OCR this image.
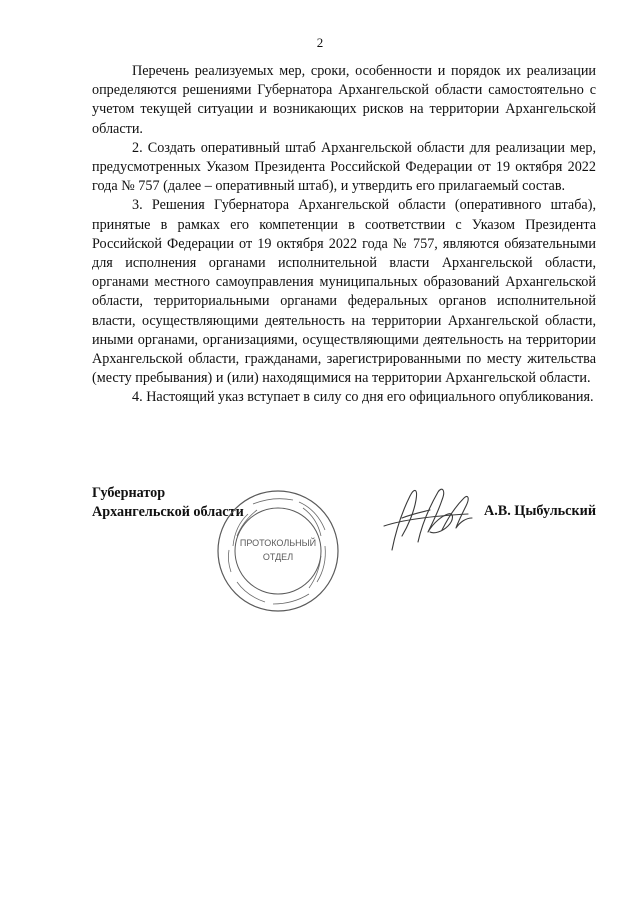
2

Перечень реализуемых мер, сроки, особенности и порядок их реализации определяются решениями Губернатора Архангельской области самостоятельно с учетом текущей ситуации и возникающих рисков на территории Архангельской области.

2. Создать оперативный штаб Архангельской области для реализации мер, предусмотренных Указом Президента Российской Федерации от 19 октября 2022 года № 757 (далее – оперативный штаб), и утвердить его прилагаемый состав.

3. Решения Губернатора Архангельской области (оперативного штаба), принятые в рамках его компетенции в соответствии с Указом Президента Российской Федерации от 19 октября 2022 года № 757, являются обязательными для исполнения органами исполнительной власти Архангельской области, органами местного самоуправления муниципальных образований Архангельской области, территориальными органами федеральных органов исполнительной власти, осуществляющими деятельность на территории Архангельской области, иными органами, организациями, осуществляющими деятельность на территории Архангельской области, гражданами, зарегистрированными по месту жительства (месту пребывания) и (или) находящимися на территории Архангельской области.

4. Настоящий указ вступает в силу со дня его официального опубликования.

Губернатор
Архангельской области
ПРОТОКОЛЬНЫЙ
ОТДЕЛ
А.В. Цыбульский
